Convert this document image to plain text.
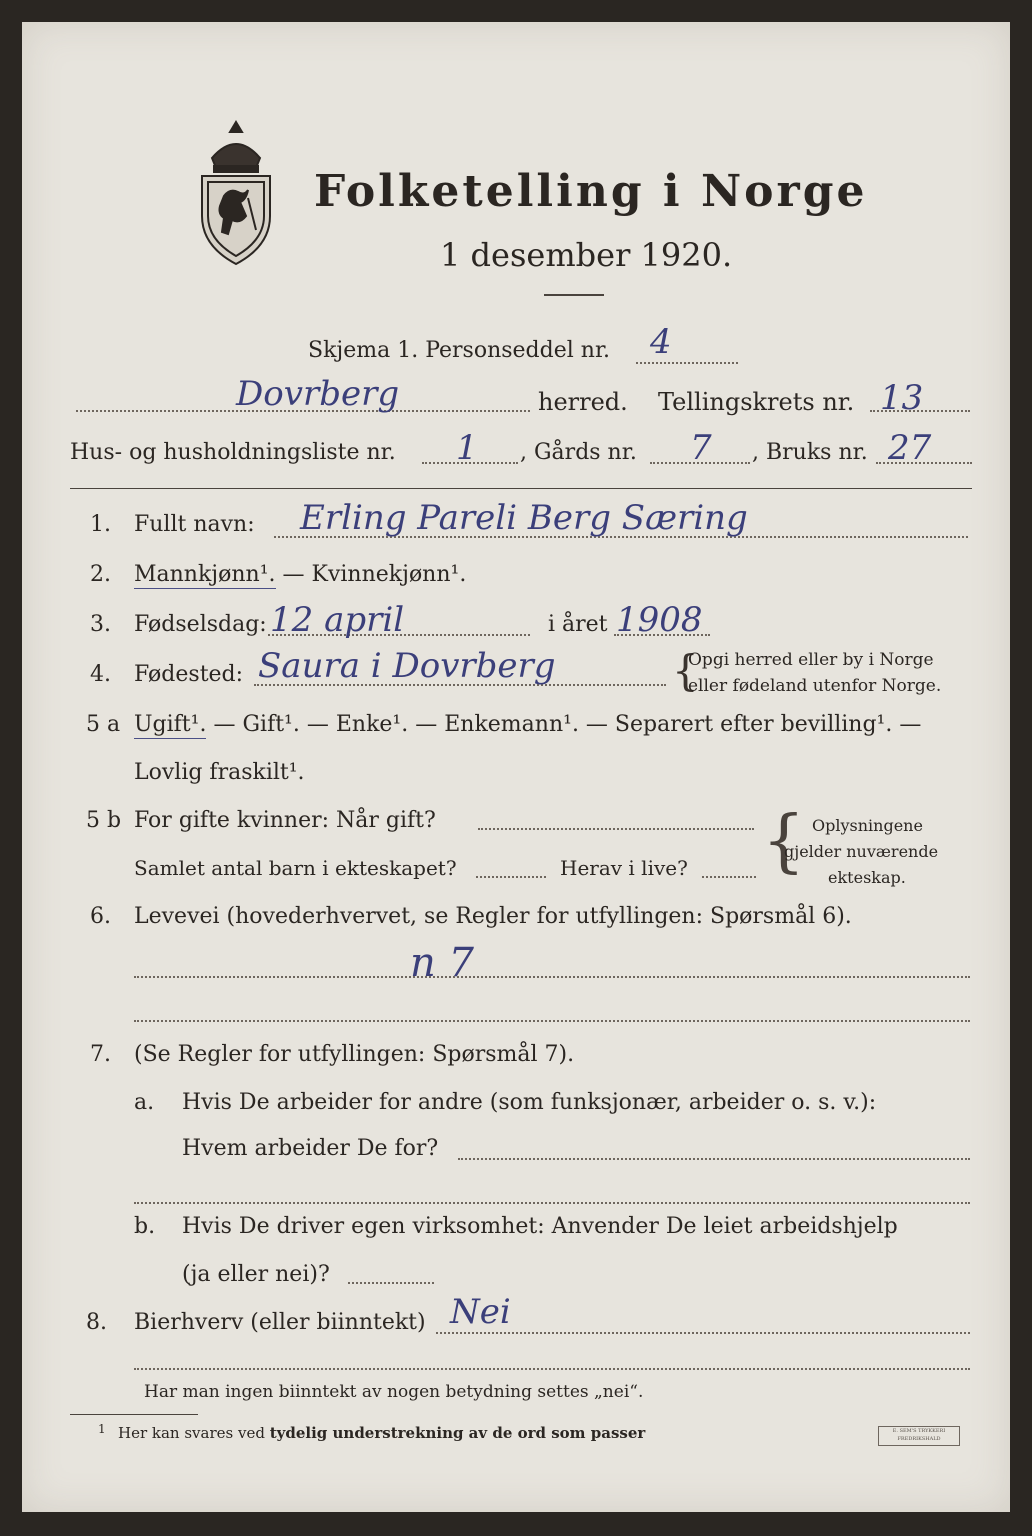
Folketelling i Norge
1 desember 1920.
Skjema 1. Personseddel nr. 4
Dovrberg	herred. Tellingskrets nr. 13
Hus- og husholdningsliste nr. 1 , Gårds nr. 7 , Bruks nr. 27
1. Fullt navn: Erling Pareli Berg Særing
2. Mannkjønn¹. — Kvinnekjønn¹.
3. Fødselsdag: 12 april	i året 1908
4. Fødested: Saura i Dovrberg	{
Opgi herred eller by i Norge
eller fødeland utenfor Norge.
5 a Ugift¹. — Gift¹. — Enke¹. — Enkemann¹. — Separert efter bevilling¹. —
Lovlig fraskilt¹.
5 b For gifte kvinner: Når gift?
Samlet antal barn i ekteskapet?	Herav i live? { Oplysningene
gjelder nuværende
ekteskap.
6. Levevei (hovederhvervet, se Regler for utfyllingen: Spørsmål 6).
n 7
7. (Se Regler for utfyllingen: Spørsmål 7).
a. Hvis De arbeider for andre (som funksjonær, arbeider o. s. v.):
Hvem arbeider De for?
b. Hvis De driver egen virksomhet: Anvender De leiet arbeidshjelp
(ja eller nei)?
8. Bierhverv (eller biinntekt) Nei
Har man ingen biinntekt av nogen betydning settes „nei“.
1 Her kan svares ved tydelig understrekning av de ord som passer	E. SEM'S TRYKKERI FREDRIKSHALD
